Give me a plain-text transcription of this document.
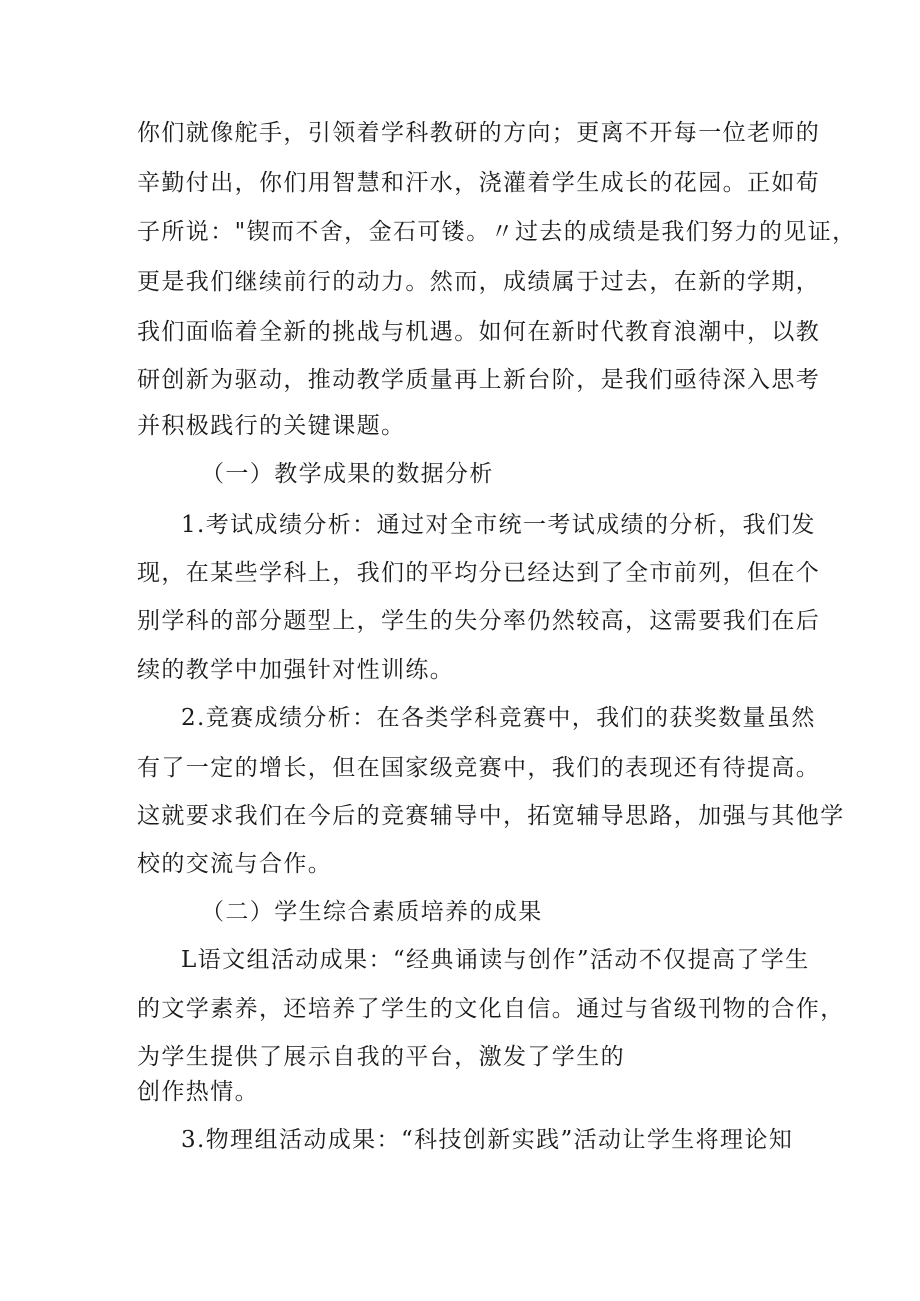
你们就像舵手，引领着学科教研的方向；更离不开每一位老师的
辛勤付出，你们用智慧和汗水，浇灌着学生成长的花园。正如荀
子所说："锲而不舍，金石可镂。〃过去的成绩是我们努力的见证，
更是我们继续前行的动力。然而，成绩属于过去，在新的学期，
我们面临着全新的挑战与机遇。如何在新时代教育浪潮中，以教
研创新为驱动，推动教学质量再上新台阶，是我们亟待深入思考
并积极践行的关键课题。
（一）教学成果的数据分析
1.考试成绩分析：通过对全市统一考试成绩的分析，我们发
现，在某些学科上，我们的平均分已经达到了全市前列，但在个
别学科的部分题型上，学生的失分率仍然较高，这需要我们在后
续的教学中加强针对性训练。
2.竞赛成绩分析：在各类学科竞赛中，我们的获奖数量虽然
有了一定的增长，但在国家级竞赛中，我们的表现还有待提高。
这就要求我们在今后的竞赛辅导中，拓宽辅导思路，加强与其他学
校的交流与合作。
（二）学生综合素质培养的成果
L语文组活动成果：“经典诵读与创作”活动不仅提高了学生
的文学素养，还培养了学生的文化自信。通过与省级刊物的合作，
为学生提供了展示自我的平台，激发了学生的
创作热情。
3.物理组活动成果：“科技创新实践”活动让学生将理论知
